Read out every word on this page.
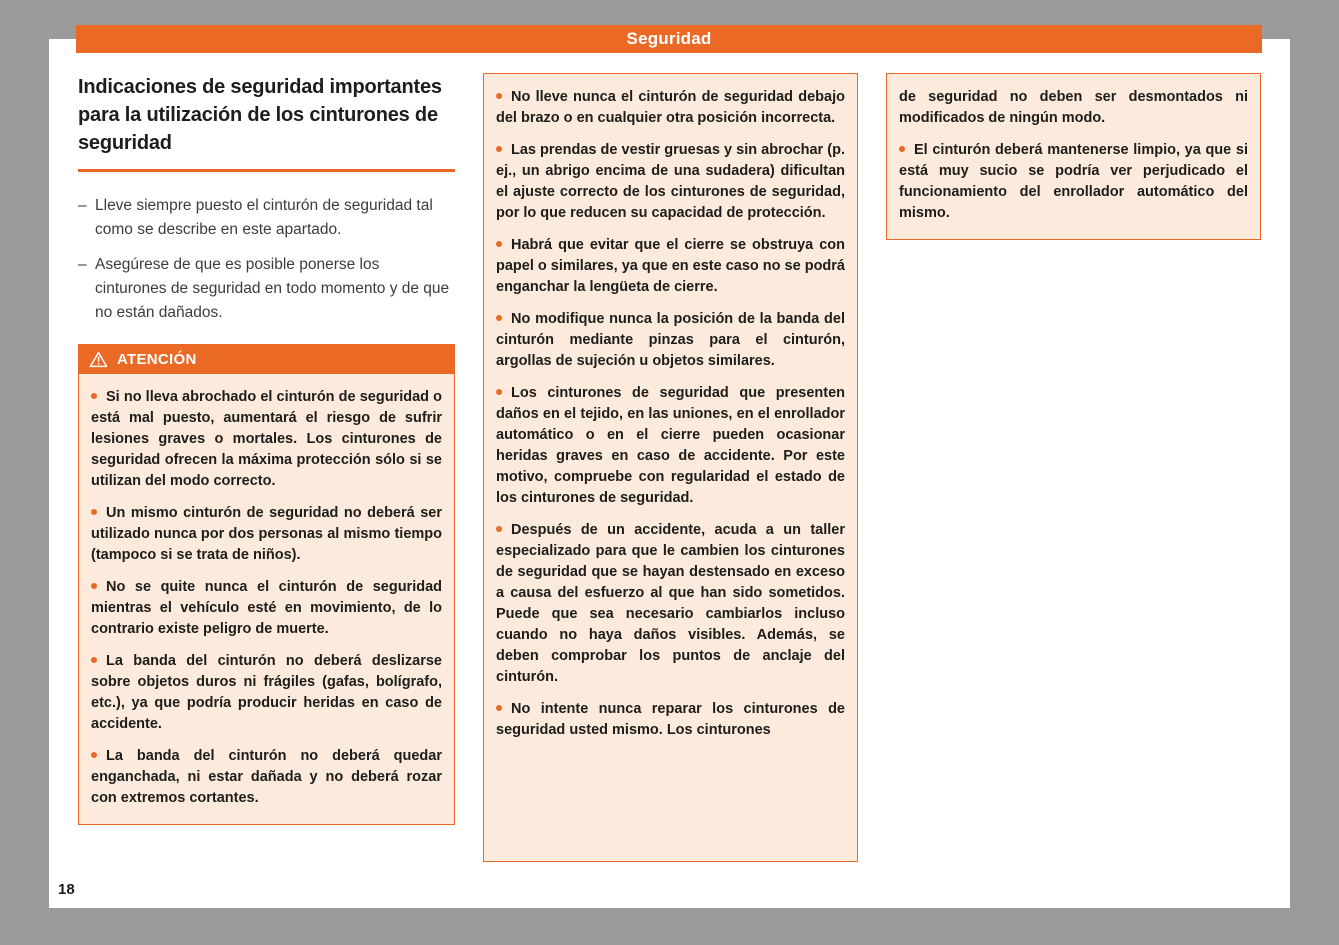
Seguridad
Indicaciones de seguridad importantes para la utilización de los cinturones de seguridad
– Lleve siempre puesto el cinturón de seguridad tal como se describe en este apartado.
– Asegúrese de que es posible ponerse los cinturones de seguridad en todo momento y de que no están dañados.
ATENCIÓN

Si no lleva abrochado el cinturón de seguridad o está mal puesto, aumentará el riesgo de sufrir lesiones graves o mortales. Los cinturones de seguridad ofrecen la máxima protección sólo si se utilizan del modo correcto.

Un mismo cinturón de seguridad no deberá ser utilizado nunca por dos personas al mismo tiempo (tampoco si se trata de niños).

No se quite nunca el cinturón de seguridad mientras el vehículo esté en movimiento, de lo contrario existe peligro de muerte.

La banda del cinturón no deberá deslizarse sobre objetos duros ni frágiles (gafas, bolígrafo, etc.), ya que podría producir heridas en caso de accidente.

La banda del cinturón no deberá quedar enganchada, ni estar dañada y no deberá rozar con extremos cortantes.

No lleve nunca el cinturón de seguridad debajo del brazo o en cualquier otra posición incorrecta.

Las prendas de vestir gruesas y sin abrochar (p. ej., un abrigo encima de una sudadera) dificultan el ajuste correcto de los cinturones de seguridad, por lo que reducen su capacidad de protección.

Habrá que evitar que el cierre se obstruya con papel o similares, ya que en este caso no se podrá enganchar la lengüeta de cierre.

No modifique nunca la posición de la banda del cinturón mediante pinzas para el cinturón, argollas de sujeción u objetos similares.

Los cinturones de seguridad que presenten daños en el tejido, en las uniones, en el enrollador automático o en el cierre pueden ocasionar heridas graves en caso de accidente. Por este motivo, compruebe con regularidad el estado de los cinturones de seguridad.

Después de un accidente, acuda a un taller especializado para que le cambien los cinturones de seguridad que se hayan destensado en exceso a causa del esfuerzo al que han sido sometidos. Puede que sea necesario cambiarlos incluso cuando no haya daños visibles. Además, se deben comprobar los puntos de anclaje del cinturón.

No intente nunca reparar los cinturones de seguridad usted mismo. Los cinturones

de seguridad no deben ser desmontados ni modificados de ningún modo.

El cinturón deberá mantenerse limpio, ya que si está muy sucio se podría ver perjudicado el funcionamiento del enrollador automático del mismo.

18
